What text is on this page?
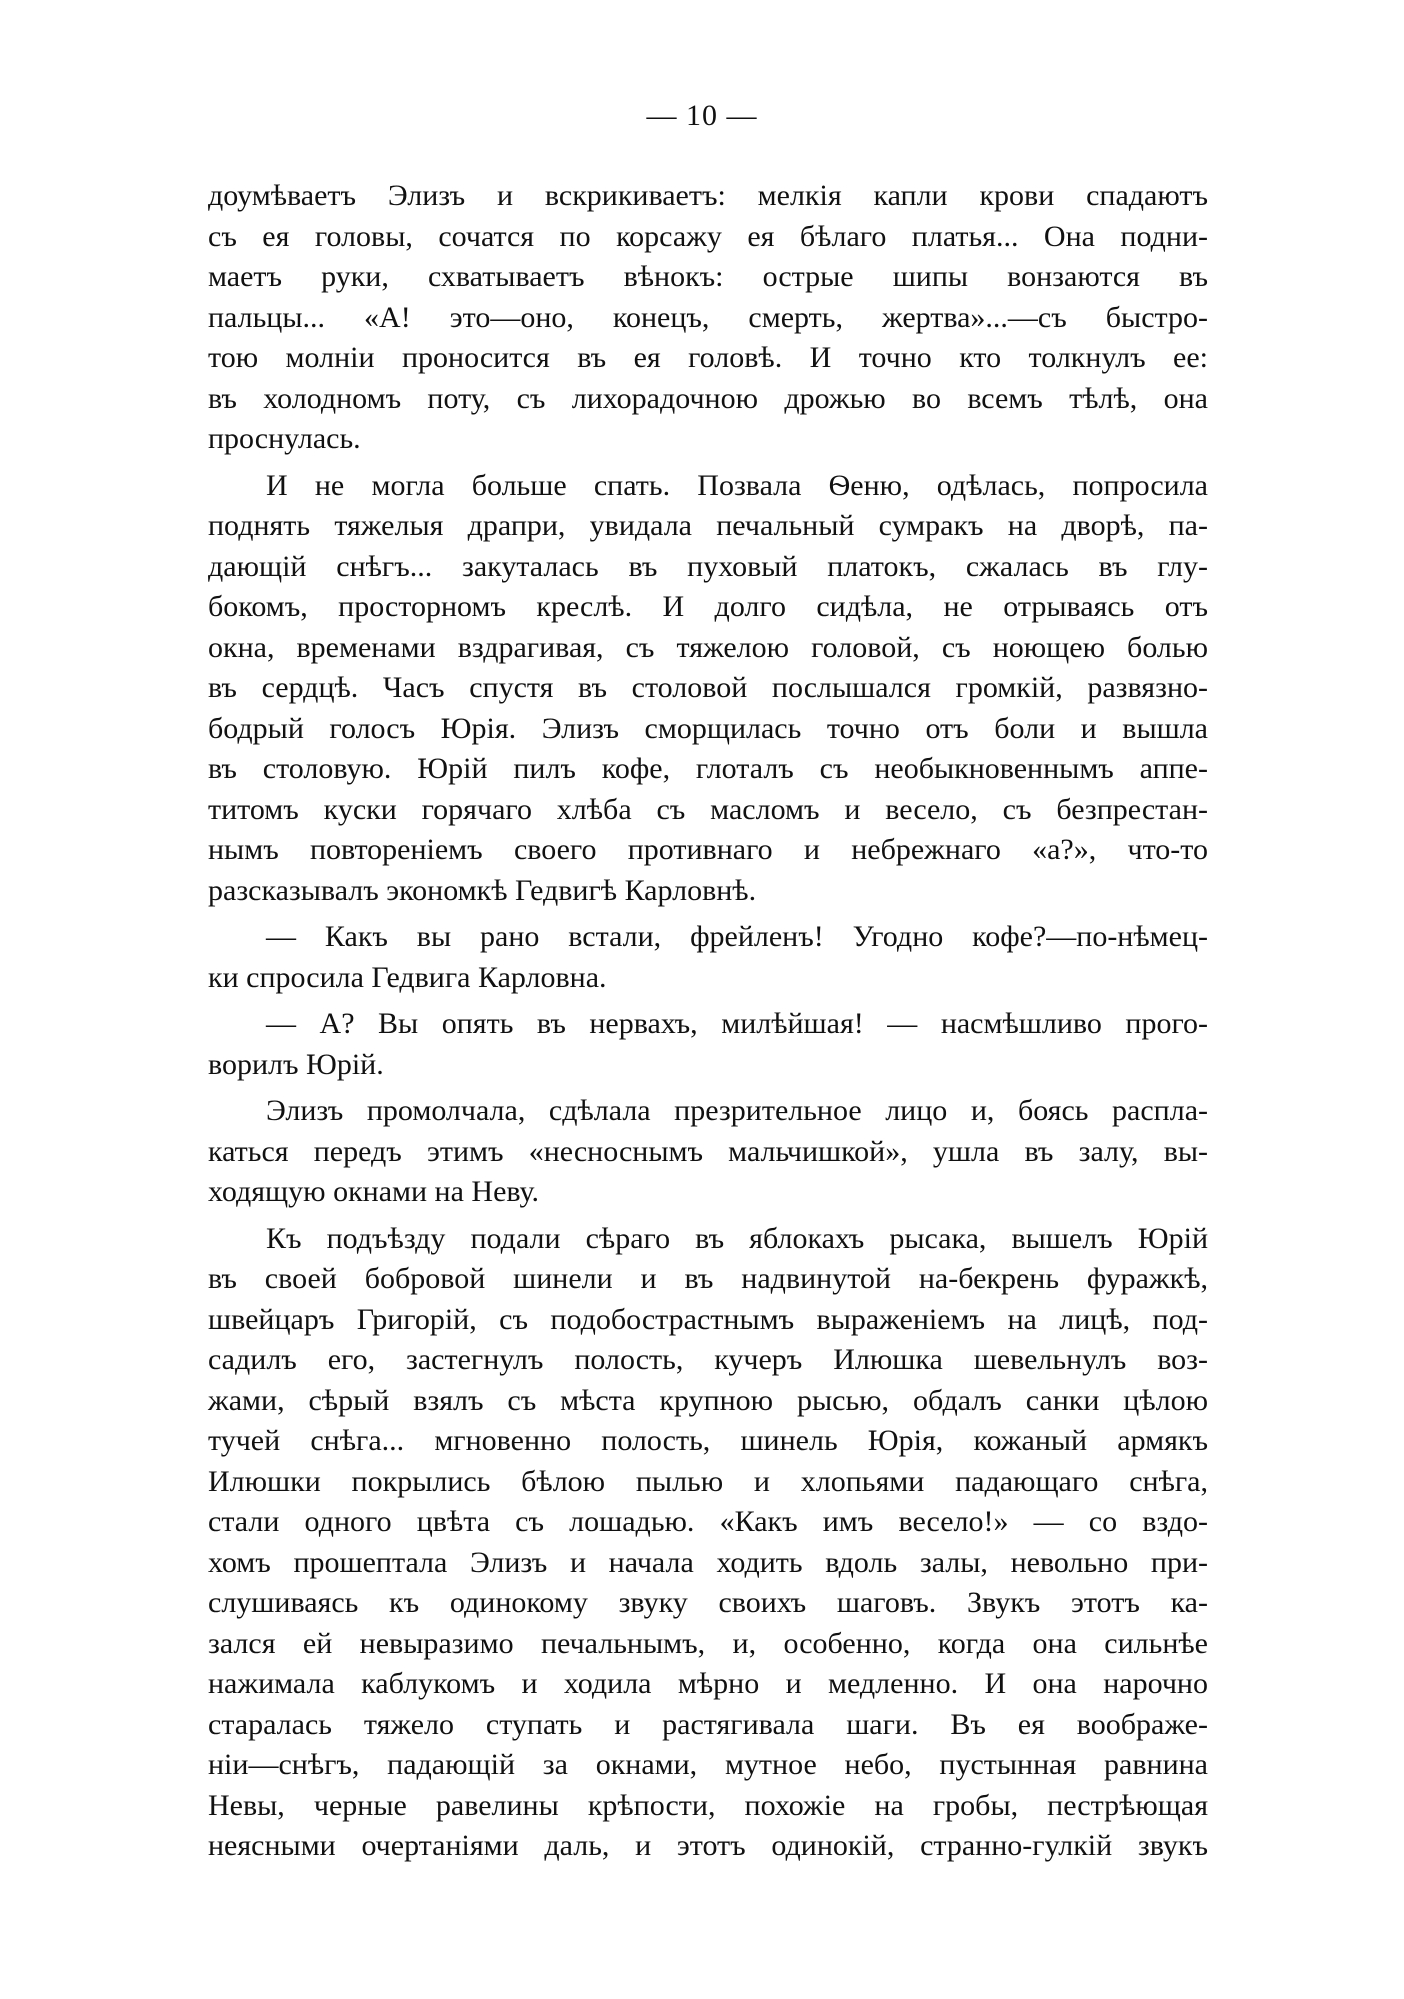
— 10 —
доумѣваетъ Элизъ и вскрикиваетъ: мелкія капли крови спадаютъ
съ ея головы, сочатся по корсажу ея бѣлаго платья... Она подни-
маетъ руки, схватываетъ вѣнокъ: острые шипы вонзаются въ
пальцы... «А! это—оно, конецъ, смерть, жертва»...—съ быстро-
тою молніи проносится въ ея головѣ. И точно кто толкнулъ ее:
въ холодномъ поту, съ лихорадочною дрожью во всемъ тѣлѣ, она
проснулась.
И не могла больше спать. Позвала Ѳеню, одѣлась, попросила
поднять тяжелыя драпри, увидала печальный сумракъ на дворѣ, па-
дающій снѣгъ... закуталась въ пуховый платокъ, сжалась въ глу-
бокомъ, просторномъ креслѣ. И долго сидѣла, не отрываясь отъ
окна, временами вздрагивая, съ тяжелою головой, съ ноющею болью
въ сердцѣ. Часъ спустя въ столовой послышался громкій, развязно-
бодрый голосъ Юрія. Элизъ сморщилась точно отъ боли и вышла
въ столовую. Юрій пилъ кофе, глоталъ съ необыкновеннымъ аппе-
титомъ куски горячаго хлѣба съ масломъ и весело, съ безпрестан-
нымъ повтореніемъ своего противнаго и небрежнаго «а?», что-то
разсказывалъ экономкѣ Гедвигѣ Карловнѣ.
— Какъ вы рано встали, фрейленъ! Угодно кофе?—по-нѣмец-
ки спросила Гедвига Карловна.
— А? Вы опять въ нервахъ, милѣйшая! — насмѣшливо прого-
ворилъ Юрій.
Элизъ промолчала, сдѣлала презрительное лицо и, боясь распла-
каться передъ этимъ «несноснымъ мальчишкой», ушла въ залу, вы-
ходящую окнами на Неву.
Къ подъѣзду подали сѣраго въ яблокахъ рысака, вышелъ Юрій
въ своей бобровой шинели и въ надвинутой на-бекрень фуражкѣ,
швейцаръ Григорій, съ подобострастнымъ выраженіемъ на лицѣ, под-
садилъ его, застегнулъ полость, кучеръ Илюшка шевельнулъ воз-
жами, сѣрый взялъ съ мѣста крупною рысью, обдалъ санки цѣлою
тучей снѣга... мгновенно полость, шинель Юрія, кожаный армякъ
Илюшки покрылись бѣлою пылью и хлопьями падающаго снѣга,
стали одного цвѣта съ лошадью. «Какъ имъ весело!» — со вздо-
хомъ прошептала Элизъ и начала ходить вдоль залы, невольно при-
слушиваясь къ одинокому звуку своихъ шаговъ. Звукъ этотъ ка-
зался ей невыразимо печальнымъ, и, особенно, когда она сильнѣе
нажимала каблукомъ и ходила мѣрно и медленно. И она нарочно
старалась тяжело ступать и растягивала шаги. Въ ея воображе-
ніи—снѣгъ, падающій за окнами, мутное небо, пустынная равнина
Невы, черные равелины крѣпости, похожіе на гробы, пестрѣющая
неясными очертаніями даль, и этотъ одинокій, странно-гулкій звукъ
